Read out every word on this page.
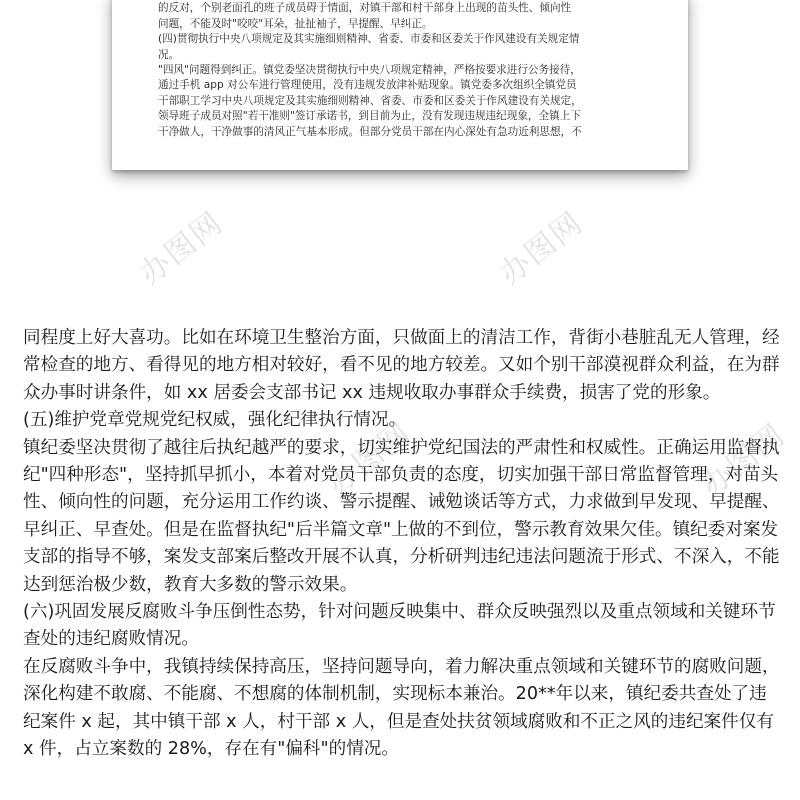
的反对，个别老面孔的班子成员碍于情面，对镇干部和村干部身上出现的苗头性、倾向性

问题，不能及时"咬咬"耳朵，扯扯袖子，早提醒、早纠正。

(四)贯彻执行中央八项规定及其实施细则精神、省委、市委和区委关于作风建设有关规定情

况。

"四风"问题得到纠正。镇党委坚决贯彻执行中央八项规定精神，严格按要求进行公务接待，

通过手机 app 对公车进行管理使用，没有违规发放津补贴现象。镇党委多次组织全镇党员

干部职工学习中央八项规定及其实施细则精神、省委、市委和区委关于作风建设有关规定，

领导班子成员对照"若干准则"签订承诺书，到目前为止，没有发现违规违纪现象，全镇上下

干净做人，干净做事的清风正气基本形成。但部分党员干部在内心深处有急功近利思想，不

办图网	办图网
办图网	办图网

同程度上好大喜功。比如在环境卫生整治方面，只做面上的清洁工作，背街小巷脏乱无人管理，经常检查的地方、看得见的地方相对较好，看不见的地方较差。又如个别干部漠视群众利益，在为群众办事时讲条件，如 xx 居委会支部书记 xx 违规收取办事群众手续费，损害了党的形象。

(五)维护党章党规党纪权威，强化纪律执行情况。

镇纪委坚决贯彻了越往后执纪越严的要求，切实维护党纪国法的严肃性和权威性。正确运用监督执纪"四种形态"，坚持抓早抓小，本着对党员干部负责的态度，切实加强干部日常监督管理，对苗头性、倾向性的问题，充分运用工作约谈、警示提醒、诫勉谈话等方式，力求做到早发现、早提醒、早纠正、早查处。但是在监督执纪"后半篇文章"上做的不到位，警示教育效果欠佳。镇纪委对案发支部的指导不够，案发支部案后整改开展不认真，分析研判违纪违法问题流于形式、不深入，不能达到惩治极少数，教育大多数的警示效果。

(六)巩固发展反腐败斗争压倒性态势，针对问题反映集中、群众反映强烈以及重点领域和关键环节查处的违纪腐败情况。

在反腐败斗争中，我镇持续保持高压，坚持问题导向，着力解决重点领域和关键环节的腐败问题，深化构建不敢腐、不能腐、不想腐的体制机制，实现标本兼治。20**年以来，镇纪委共查处了违纪案件 x 起，其中镇干部 x 人，村干部 x 人，但是查处扶贫领域腐败和不正之风的违纪案件仅有 x 件，占立案数的 28%，存在有"偏科"的情况。
